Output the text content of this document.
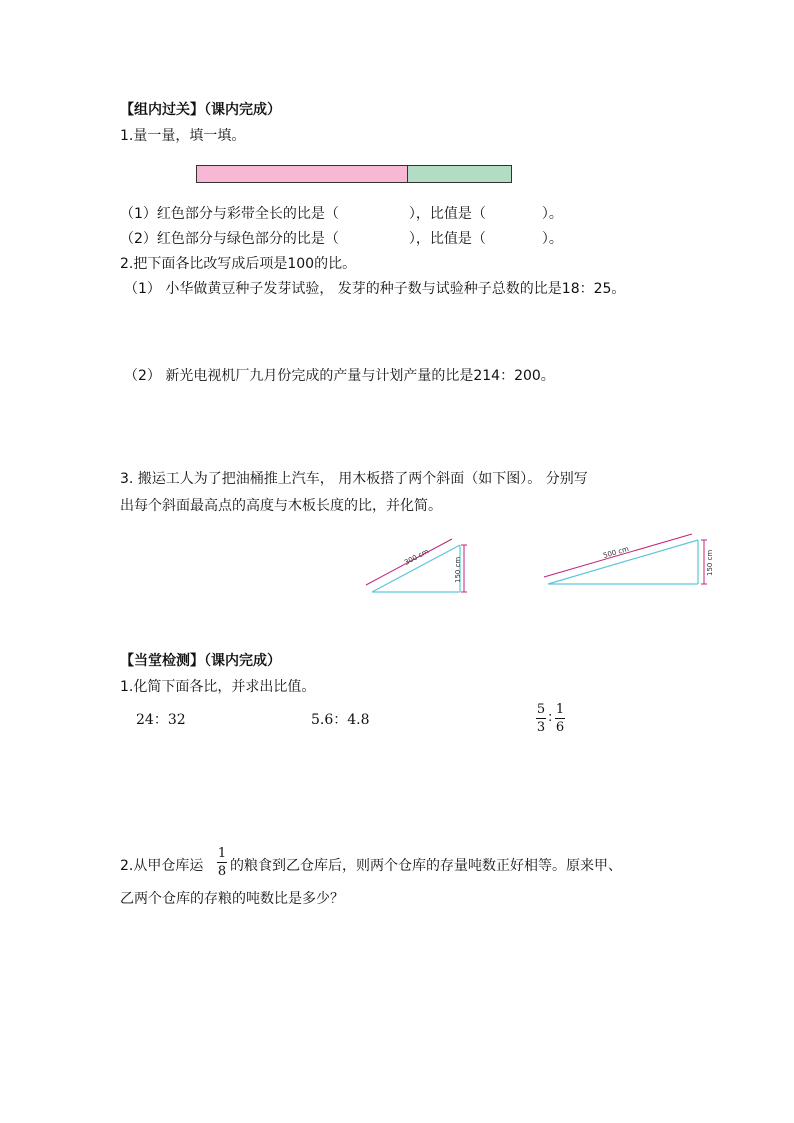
【组内过关】（课内完成）
1.量一量，填一填。
（1）红色部分与彩带全长的比是（　　　　　），比值是（　　　　）。
（2）红色部分与绿色部分的比是（　　　　　），比值是（　　　　）。
2.把下面各比改写成后项是100的比。
（1） 小华做黄豆种子发芽试验， 发芽的种子数与试验种子总数的比是18：25。
（2） 新光电视机厂九月份完成的产量与计划产量的比是214：200。
3. 搬运工人为了把油桶推上汽车， 用木板搭了两个斜面（如下图）。 分别写
出每个斜面最高点的高度与木板长度的比，并化简。
300 cm	150 cm
500 cm	150 cm
【当堂检测】（课内完成）
1.化简下面各比，并求出比值。
24：32	5.6：4.8
5
3
:
1
6
2.从甲仓库运
1
8 的粮食到乙仓库后，则两个仓库的存量吨数正好相等。原来甲、
乙两个仓库的存粮的吨数比是多少？
